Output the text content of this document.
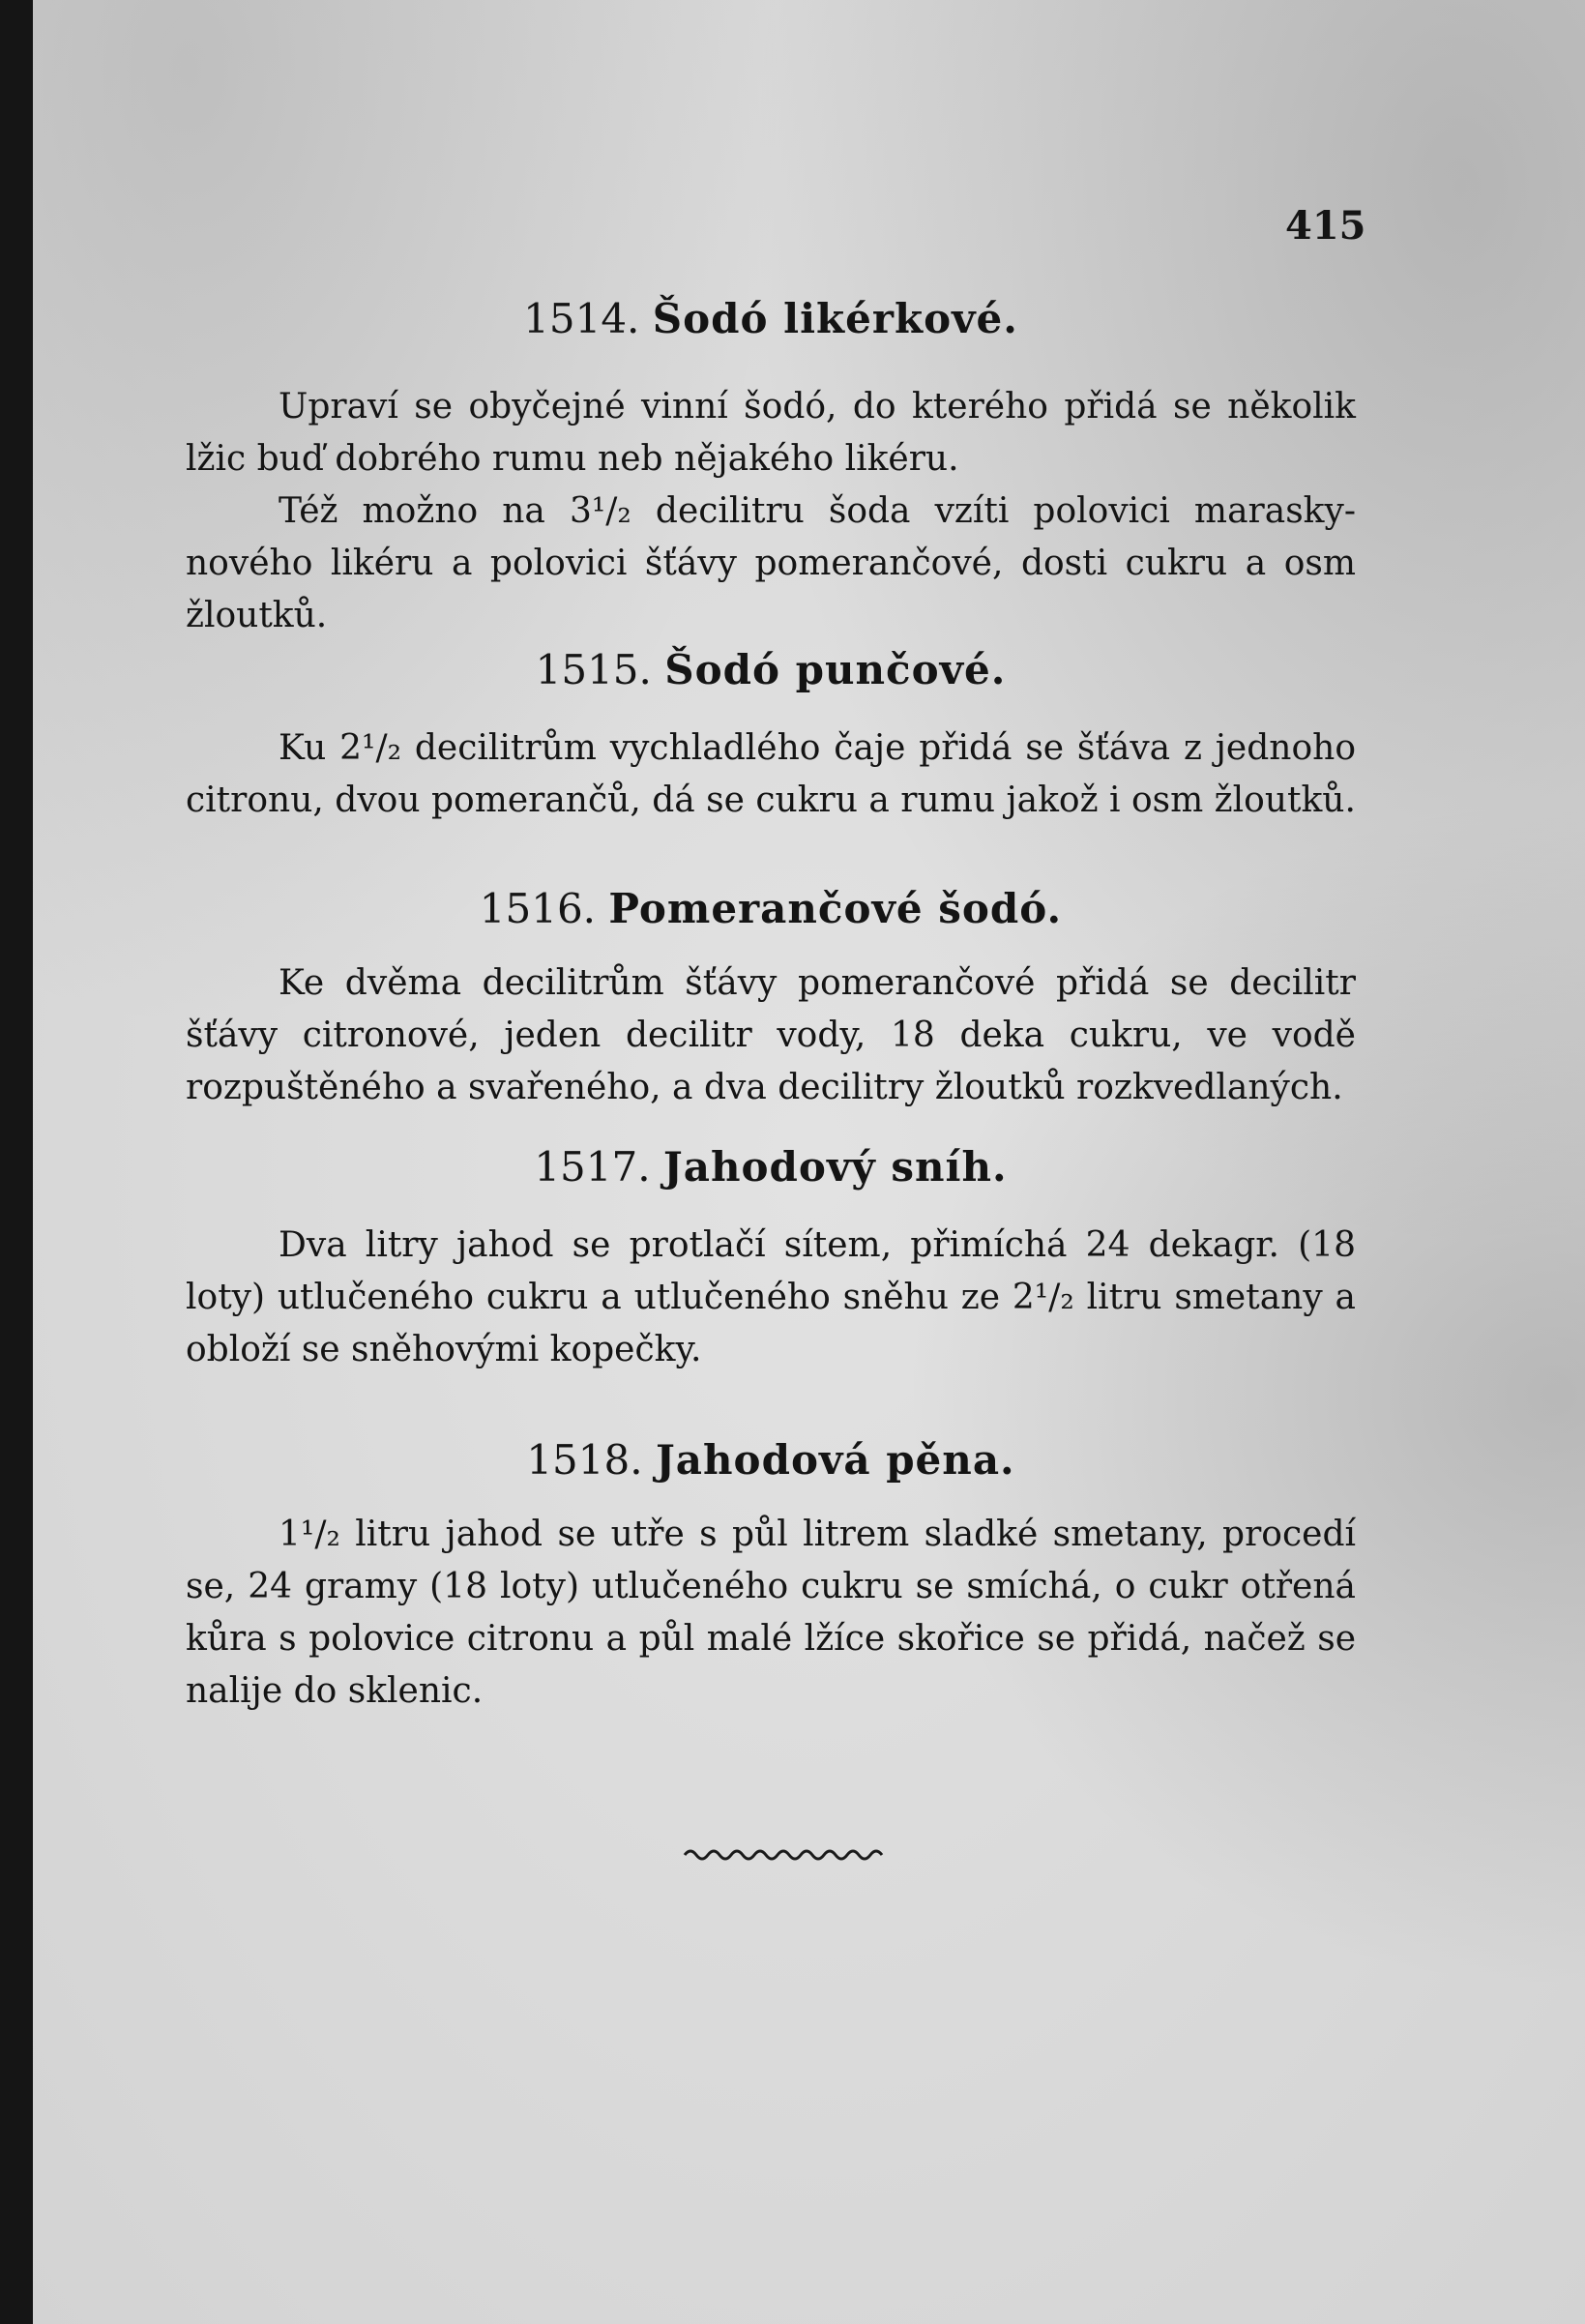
415

1514. Šodó likérkové.

Upraví se obyčejné vinní šodó, do kterého přidá se několik lžic buď dobrého rumu neb nějakého likéru.

Též možno na 3¹/₂ decilitru šoda vzíti polovici marasky-nového likéru a polovici šťávy pomerančové, dosti cukru a osm žloutků.

1515. Šodó punčové.

Ku 2¹/₂ decilitrům vychladlého čaje přidá se šťáva z jednoho citronu, dvou pomerančů, dá se cukru a rumu jakož i osm žloutků.

1516. Pomerančové šodó.

Ke dvěma decilitrům šťávy pomerančové přidá se decilitr šťávy citronové, jeden decilitr vody, 18 deka cukru, ve vodě rozpuštěného a svařeného, a dva decilitry žloutků rozkvedlaných.

1517. Jahodový sníh.

Dva litry jahod se protlačí sítem, přimíchá 24 dekagr. (18 loty) utlučeného cukru a utlučeného sněhu ze 2¹/₂ litru smetany a obloží se sněhovými kopečky.

1518. Jahodová pěna.

1¹/₂ litru jahod se utře s půl litrem sladké smetany, procedí se, 24 gramy (18 loty) utlučeného cukru se smíchá, o cukr otřená kůra s polovice citronu a půl malé lžíce skořice se přidá, načež se nalije do sklenic.
